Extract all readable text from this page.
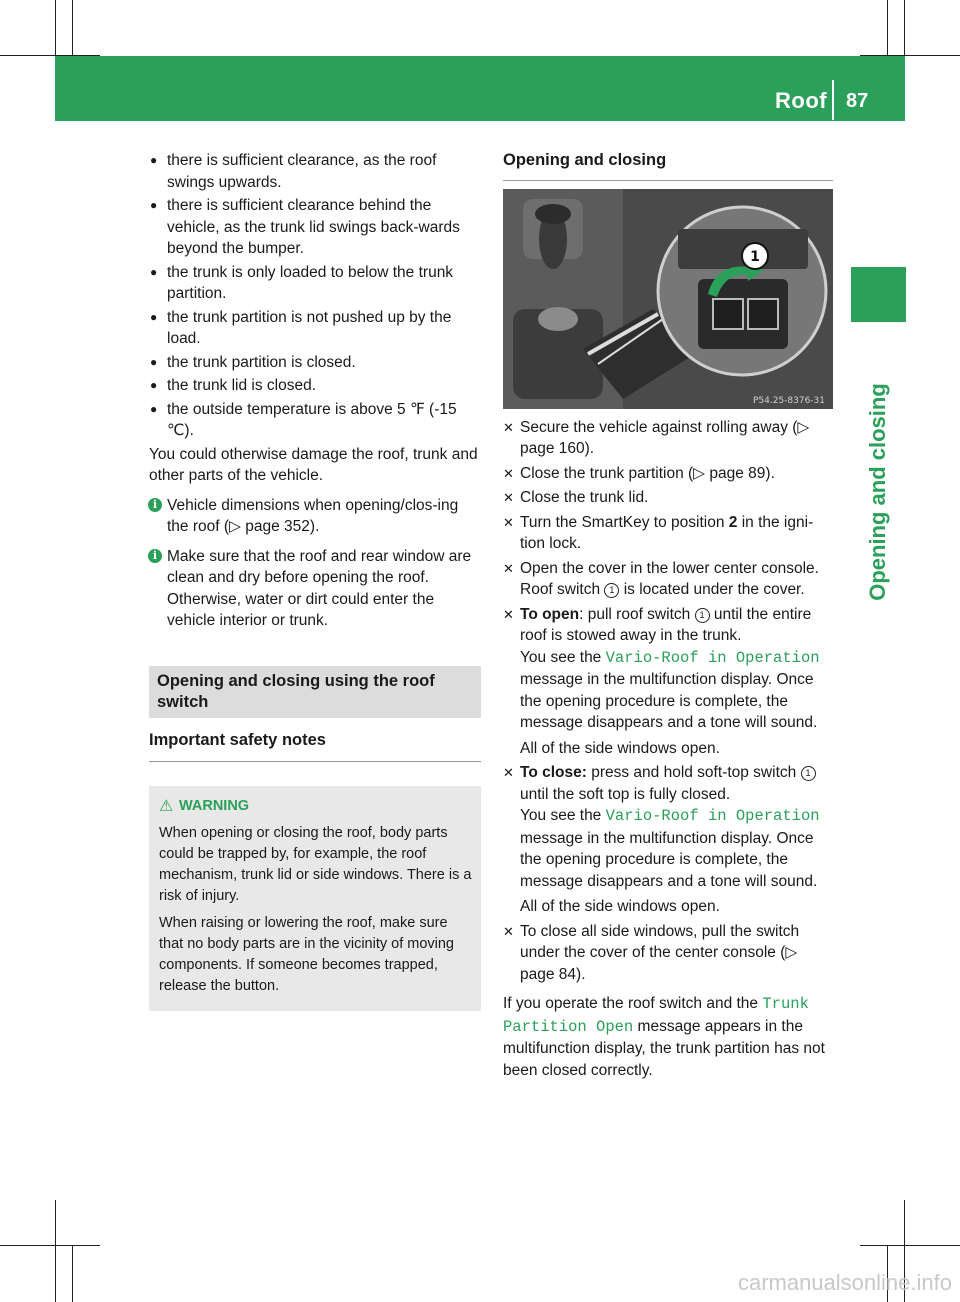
Roof 87
Opening and closing
● there is sufficient clearance, as the roof swings upwards.
● there is sufficient clearance behind the vehicle, as the trunk lid swings back-wards beyond the bumper.
● the trunk is only loaded to below the trunk partition.
● the trunk partition is not pushed up by the load.
● the trunk partition is closed.
● the trunk lid is closed.
● the outside temperature is above 5 ℉ (‑15 ℃).

You could otherwise damage the roof, trunk and other parts of the vehicle.

i Vehicle dimensions when opening/clos-ing the roof (▷ page 352).
i Make sure that the roof and rear window are clean and dry before opening the roof. Otherwise, water or dirt could enter the vehicle interior or trunk.
Opening and closing using the roof switch
Important safety notes
⚠ WARNING

When opening or closing the roof, body parts could be trapped by, for example, the roof mechanism, trunk lid or side windows. There is a risk of injury.

When raising or lowering the roof, make sure that no body parts are in the vicinity of moving components. If someone becomes trapped, release the button.

Opening and closing
1
P54.25-8376-31
✕ Secure the vehicle against rolling away (▷ page 160).
✕ Close the trunk partition (▷ page 89).
✕ Close the trunk lid.
✕ Turn the SmartKey to position 2 in the igni-tion lock.
✕ Open the cover in the lower center console. Roof switch 1 is located under the cover.
✕ To open: pull roof switch 1 until the entire roof is stowed away in the trunk.
You see the Vario-Roof in Operation message in the multifunction display. Once the opening procedure is complete, the message disappears and a tone will sound.
All of the side windows open.
✕ To close: press and hold soft-top switch 1 until the soft top is fully closed.
You see the Vario-Roof in Operation message in the multifunction display. Once the opening procedure is complete, the message disappears and a tone will sound.
All of the side windows open.
✕ To close all side windows, pull the switch under the cover of the center console (▷ page 84).

If you operate the roof switch and the Trunk Partition Open message appears in the multifunction display, the trunk partition has not been closed correctly.

carmanualsonline.info
